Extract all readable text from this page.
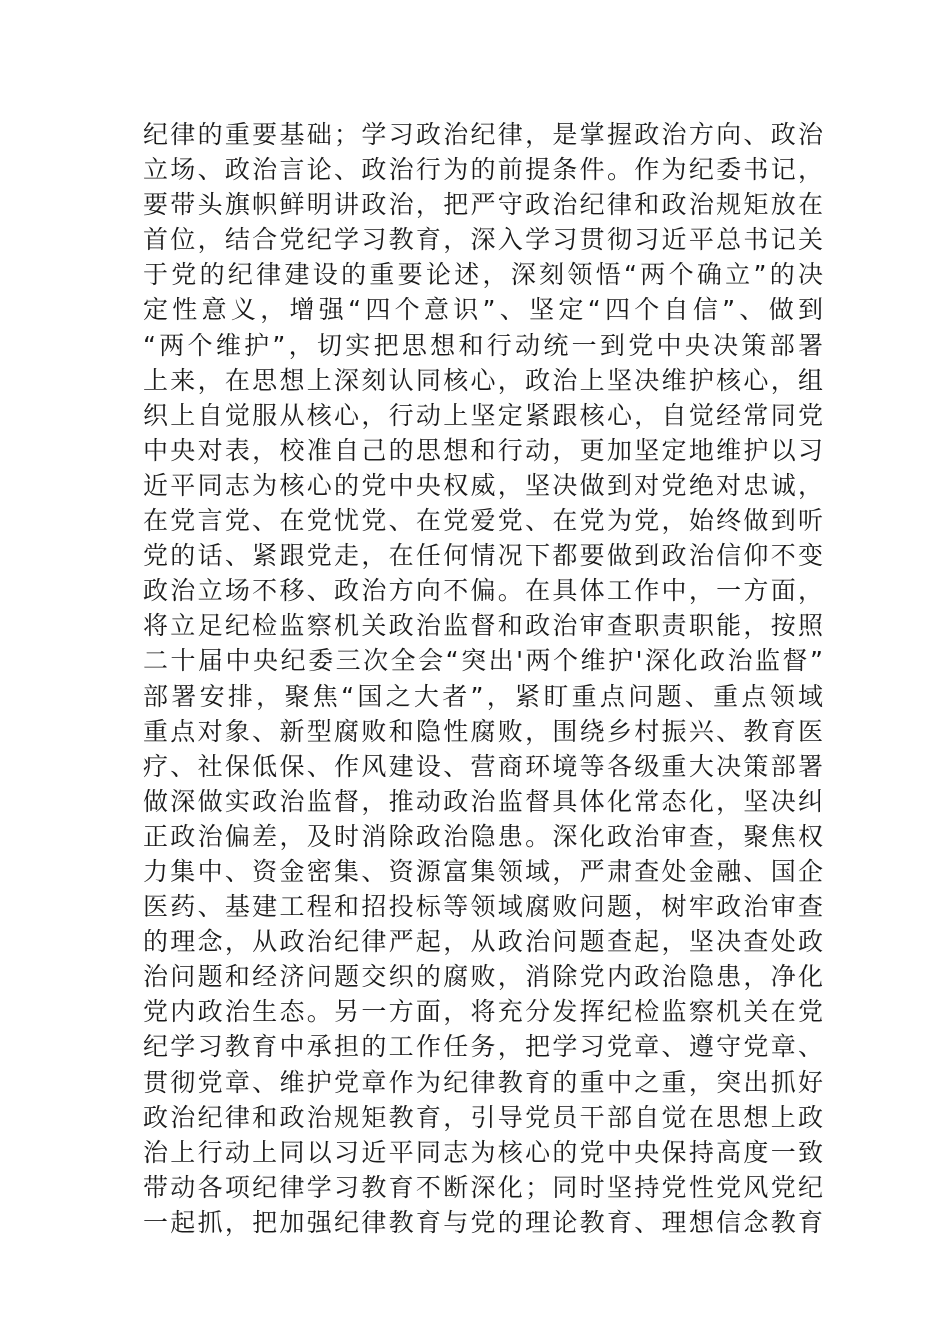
纪律的重要基础；学习政治纪律，是掌握政治方向、政治
立场、政治言论、政治行为的前提条件。作为纪委书记，
要带头旗帜鲜明讲政治，把严守政治纪律和政治规矩放在
首位，结合党纪学习教育，深入学习贯彻习近平总书记关
于党的纪律建设的重要论述，深刻领悟“两个确立”的决
定性意义，增强“四个意识”、坚定“四个自信”、做到
“两个维护”，切实把思想和行动统一到党中央决策部署
上来，在思想上深刻认同核心，政治上坚决维护核心，组
织上自觉服从核心，行动上坚定紧跟核心，自觉经常同党
中央对表，校准自己的思想和行动，更加坚定地维护以习
近平同志为核心的党中央权威，坚决做到对党绝对忠诚，
在党言党、在党忧党、在党爱党、在党为党，始终做到听
党的话、紧跟党走，在任何情况下都要做到政治信仰不变
政治立场不移、政治方向不偏。在具体工作中，一方面，
将立足纪检监察机关政治监督和政治审查职责职能，按照
二十届中央纪委三次全会“突出'两个维护'深化政治监督”
部署安排，聚焦“国之大者”，紧盯重点问题、重点领域
重点对象、新型腐败和隐性腐败，围绕乡村振兴、教育医
疗、社保低保、作风建设、营商环境等各级重大决策部署
做深做实政治监督，推动政治监督具体化常态化，坚决纠
正政治偏差，及时消除政治隐患。深化政治审查，聚焦权
力集中、资金密集、资源富集领域，严肃查处金融、国企
医药、基建工程和招投标等领域腐败问题，树牢政治审查
的理念，从政治纪律严起，从政治问题查起，坚决查处政
治问题和经济问题交织的腐败，消除党内政治隐患，净化
党内政治生态。另一方面，将充分发挥纪检监察机关在党
纪学习教育中承担的工作任务，把学习党章、遵守党章、
贯彻党章、维护党章作为纪律教育的重中之重，突出抓好
政治纪律和政治规矩教育，引导党员干部自觉在思想上政
治上行动上同以习近平同志为核心的党中央保持高度一致
带动各项纪律学习教育不断深化；同时坚持党性党风党纪
一起抓，把加强纪律教育与党的理论教育、理想信念教育
